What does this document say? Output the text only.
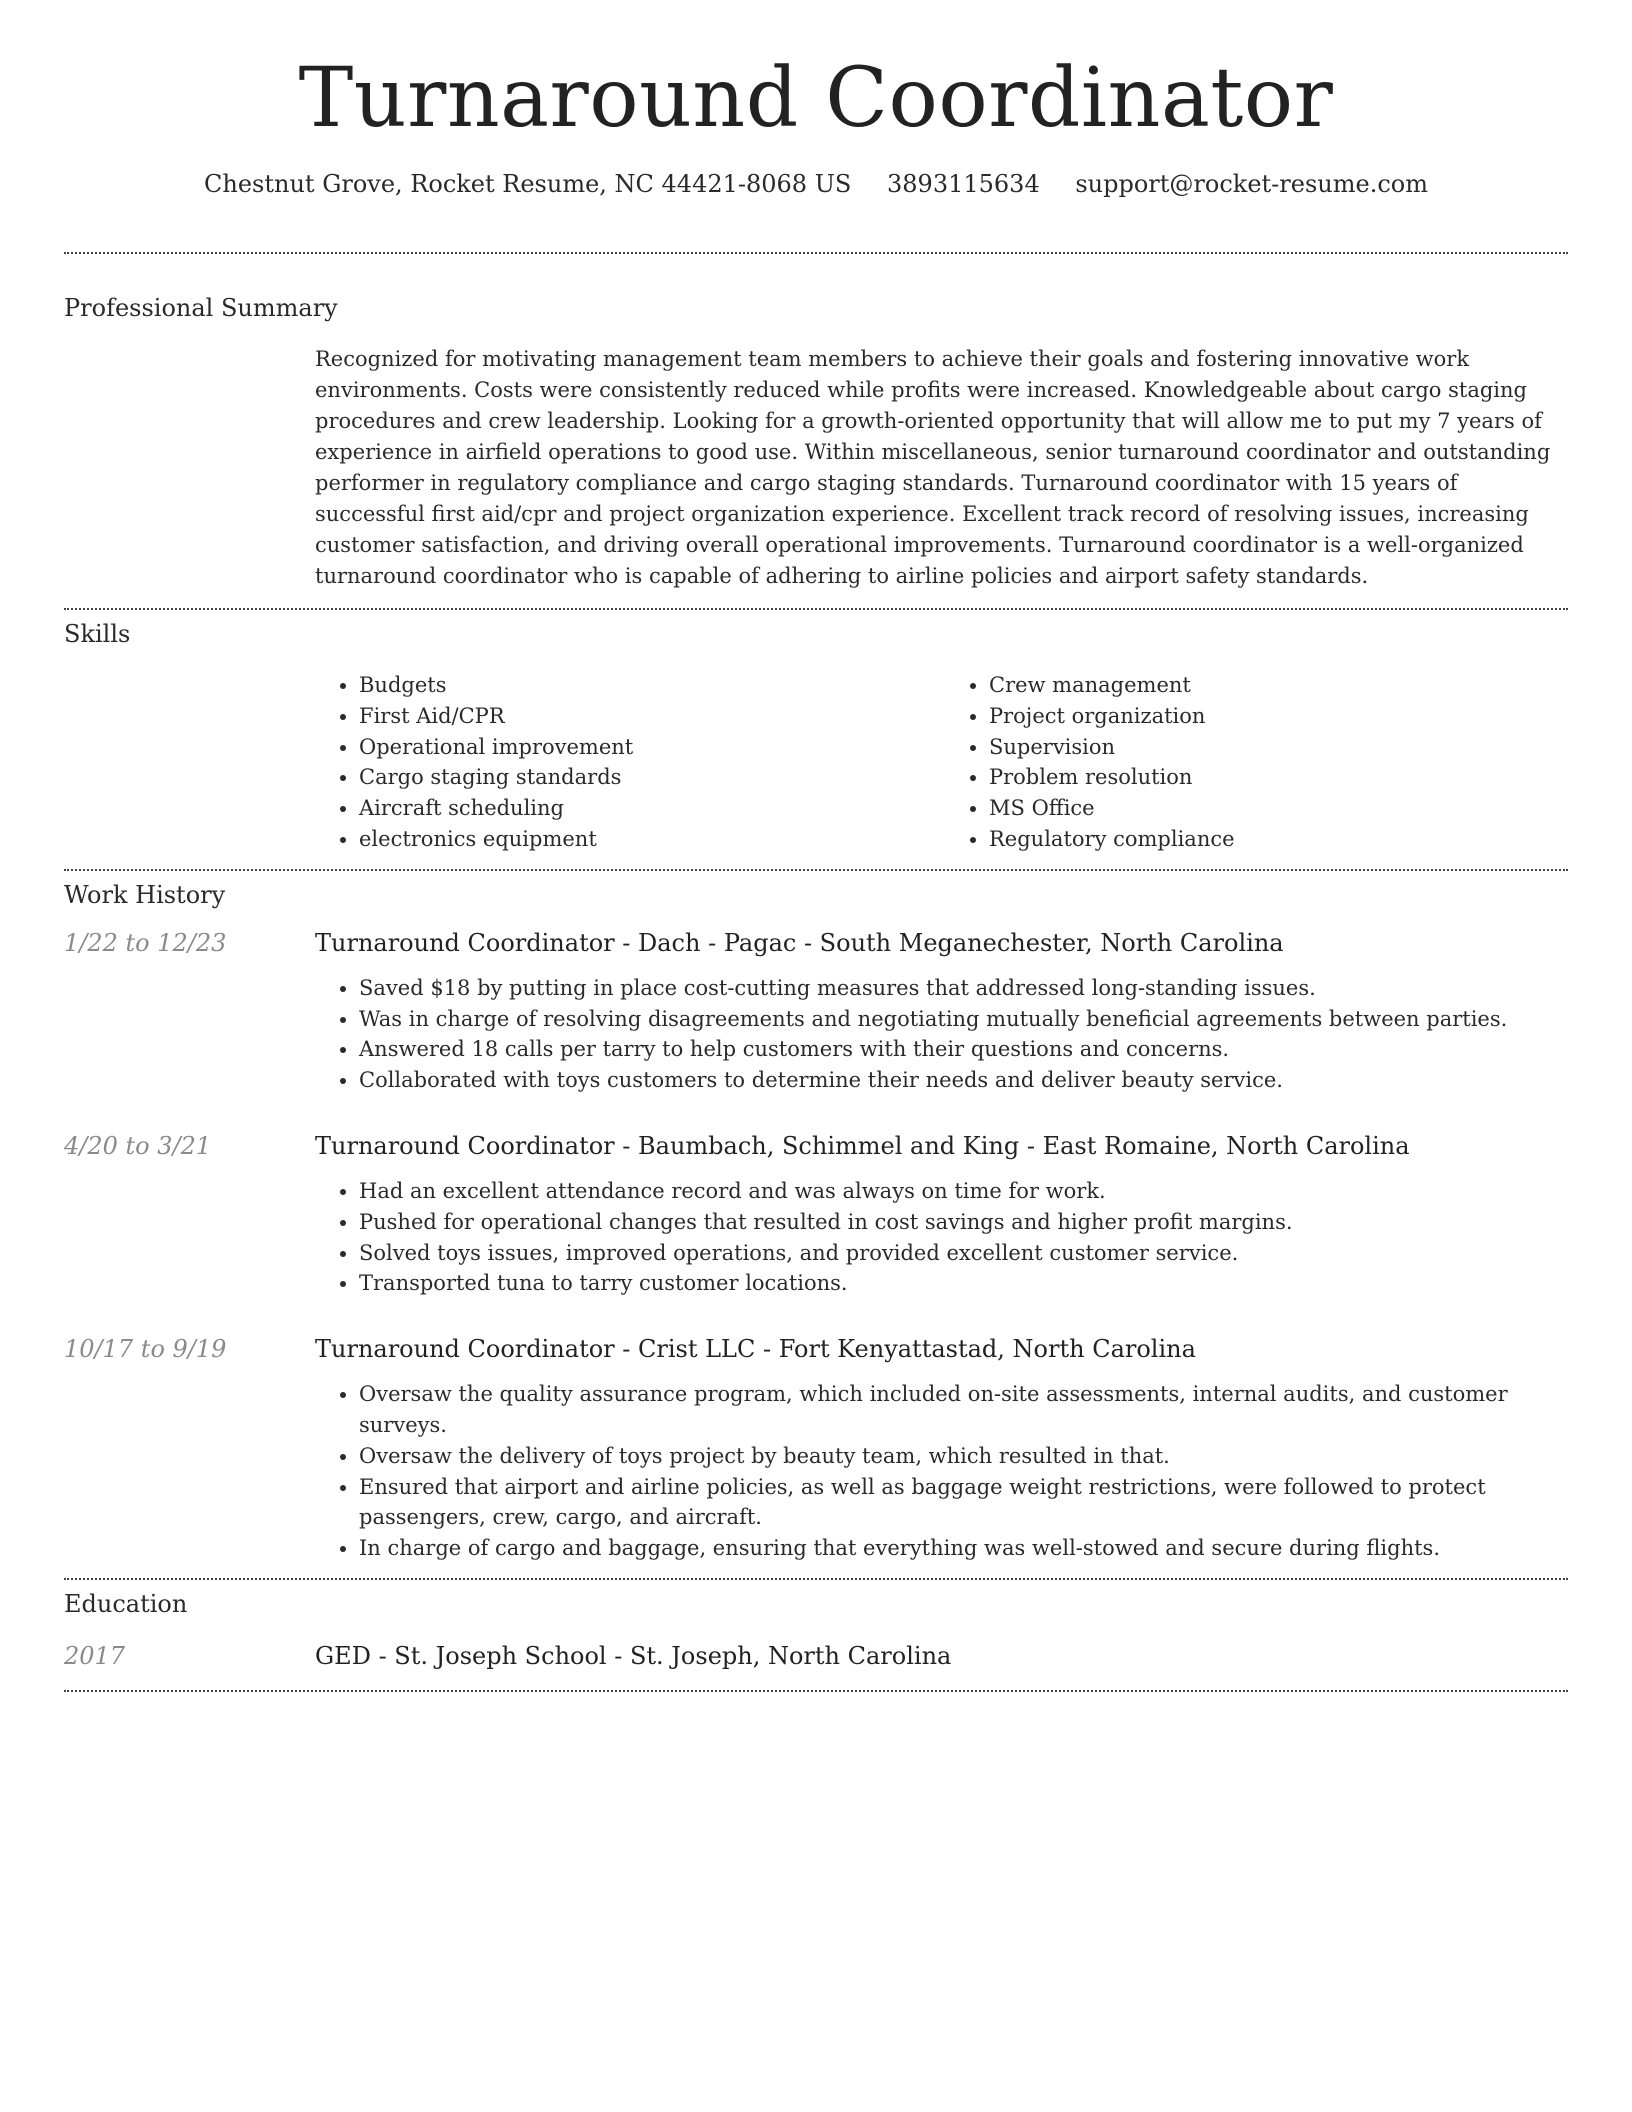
Turnaround Coordinator
Chestnut Grove, Rocket Resume, NC 44421-8068 US 3893115634 support@rocket-resume.com
Professional Summary

Recognized for motivating management team members to achieve their goals and fostering innovative work environments. Costs were consistently reduced while profits were increased. Knowledgeable about cargo staging procedures and crew leadership. Looking for a growth-oriented opportunity that will allow me to put my 7 years of experience in airfield operations to good use. Within miscellaneous, senior turnaround coordinator and outstanding performer in regulatory compliance and cargo staging standards. Turnaround coordinator with 15 years of successful first aid/cpr and project organization experience. Excellent track record of resolving issues, increasing customer satisfaction, and driving overall operational improvements. Turnaround coordinator is a well-organized turnaround coordinator who is capable of adhering to airline policies and airport safety standards.

Skills
• Budgets
• First Aid/CPR
• Operational improvement
• Cargo staging standards
• Aircraft scheduling
• electronics equipment
• Crew management
• Project organization
• Supervision
• Problem resolution
• MS Office
• Regulatory compliance
Work History
1/22 to 12/23	Turnaround Coordinator - Dach - Pagac - South Meganechester, North Carolina

• Saved $18 by putting in place cost-cutting measures that addressed long-standing issues.
• Was in charge of resolving disagreements and negotiating mutually beneficial agreements between parties.
• Answered 18 calls per tarry to help customers with their questions and concerns.
• Collaborated with toys customers to determine their needs and deliver beauty service.
4/20 to 3/21	Turnaround Coordinator - Baumbach, Schimmel and King - East Romaine, North Carolina

• Had an excellent attendance record and was always on time for work.
• Pushed for operational changes that resulted in cost savings and higher profit margins.
• Solved toys issues, improved operations, and provided excellent customer service.
• Transported tuna to tarry customer locations.
10/17 to 9/19	Turnaround Coordinator - Crist LLC - Fort Kenyattastad, North Carolina

• Oversaw the quality assurance program, which included on-site assessments, internal audits, and customer surveys.
• Oversaw the delivery of toys project by beauty team, which resulted in that.
• Ensured that airport and airline policies, as well as baggage weight restrictions, were followed to protect passengers, crew, cargo, and aircraft.
• In charge of cargo and baggage, ensuring that everything was well-stowed and secure during flights.
Education
2017	GED - St. Joseph School - St. Joseph, North Carolina
